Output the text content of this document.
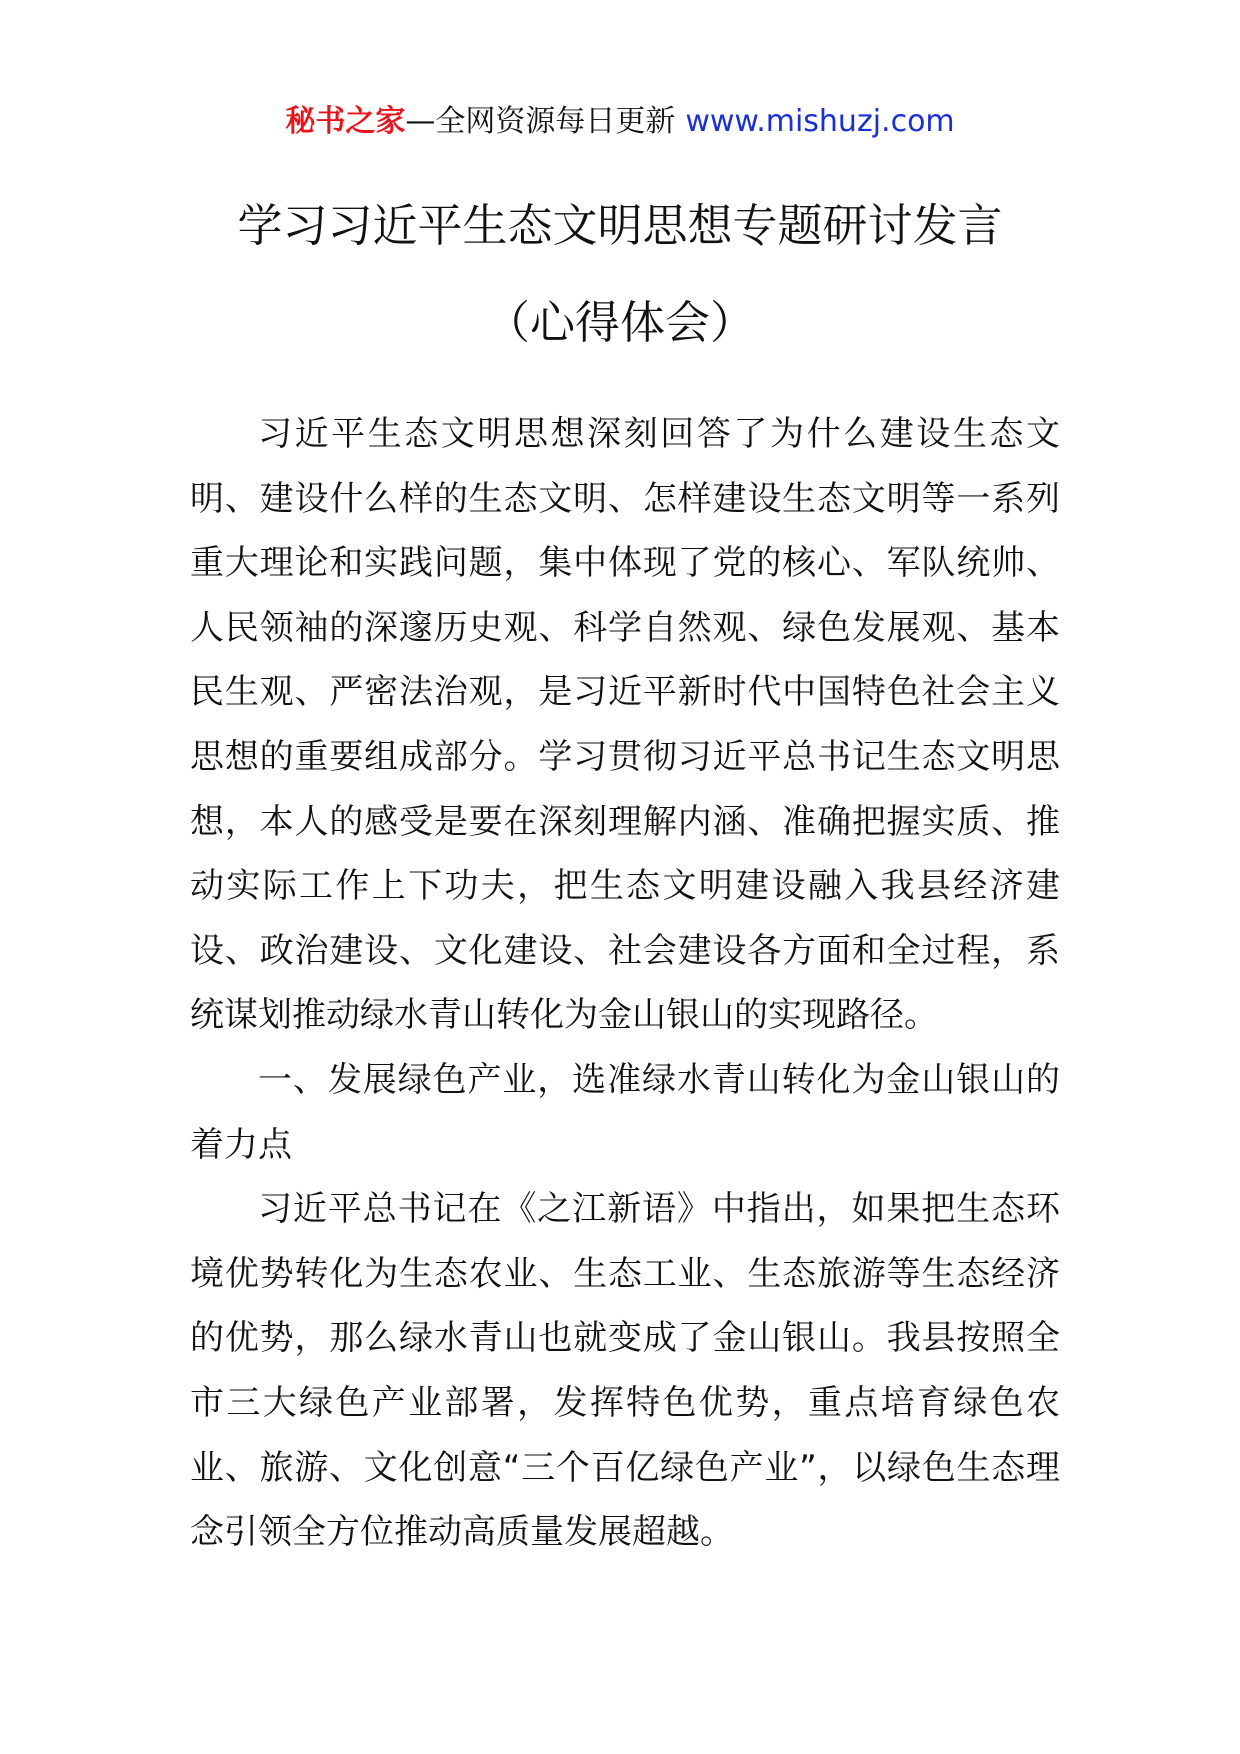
秘书之家—全网资源每日更新 www.mishuzj.com
学习习近平生态文明思想专题研讨发言
（心得体会）

习近平生态文明思想深刻回答了为什么建设生态文明、建设什么样的生态文明、怎样建设生态文明等一系列重大理论和实践问题，集中体现了党的核心、军队统帅、人民领袖的深邃历史观、科学自然观、绿色发展观、基本民生观、严密法治观，是习近平新时代中国特色社会主义思想的重要组成部分。学习贯彻习近平总书记生态文明思想，本人的感受是要在深刻理解内涵、准确把握实质、推动实际工作上下功夫，把生态文明建设融入我县经济建设、政治建设、文化建设、社会建设各方面和全过程，系统谋划推动绿水青山转化为金山银山的实现路径。

一、发展绿色产业，选准绿水青山转化为金山银山的着力点

习近平总书记在《之江新语》中指出，如果把生态环境优势转化为生态农业、生态工业、生态旅游等生态经济的优势，那么绿水青山也就变成了金山银山。我县按照全市三大绿色产业部署，发挥特色优势，重点培育绿色农业、旅游、文化创意“三个百亿绿色产业”，以绿色生态理念引领全方位推动高质量发展超越。
